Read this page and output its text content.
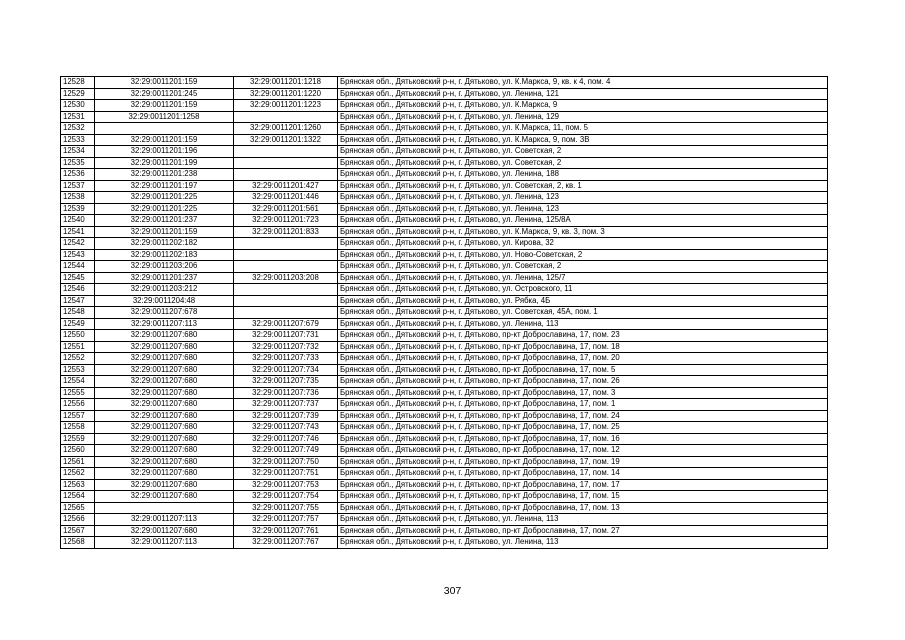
12528	32:29:0011201:159	32:29:0011201:1218	Брянская обл., Дятьковский р-н, г. Дятьково, ул. К.Маркса, 9, кв. к 4, пом. 4
12529	32:29:0011201:245	32:29:0011201:1220	Брянская обл., Дятьковский р-н, г. Дятьково, ул. Ленина, 121
12530	32:29:0011201:159	32:29:0011201:1223	Брянская обл., Дятьковский р-н, г. Дятьково, ул. К.Маркса, 9
12531	32:29:0011201:1258		Брянская обл., Дятьковский р-н, г. Дятьково, ул. Ленина, 129
12532		32:29:0011201:1260	Брянская обл., Дятьковский р-н, г. Дятьково, ул. К.Маркса, 11, пом. 5
12533	32:29:0011201:159	32:29:0011201:1322	Брянская обл., Дятьковский р-н, г. Дятьково, ул. К.Маркса, 9, пом. 3В
12534	32:29:0011201:196		Брянская обл., Дятьковский р-н, г. Дятьково, ул. Советская, 2
12535	32:29:0011201:199		Брянская обл., Дятьковский р-н, г. Дятьково, ул. Советская, 2
12536	32:29:0011201:238		Брянская обл., Дятьковский р-н, г. Дятьково, ул. Ленина, 188
12537	32:29:0011201:197	32:29:0011201:427	Брянская обл., Дятьковский р-н, г. Дятьково, ул. Советская, 2, кв. 1
12538	32:29:0011201:225	32:29:0011201:446	Брянская обл., Дятьковский р-н, г. Дятьково, ул. Ленина, 123
12539	32:29:0011201:225	32:29:0011201:561	Брянская обл., Дятьковский р-н, г. Дятьково, ул. Ленина, 123
12540	32:29:0011201:237	32:29:0011201:723	Брянская обл., Дятьковский р-н, г. Дятьково, ул. Ленина, 125/8А
12541	32:29:0011201:159	32:29:0011201:833	Брянская обл., Дятьковский р-н, г. Дятьково, ул. К.Маркса, 9, кв. 3, пом. 3
12542	32:29:0011202:182		Брянская обл., Дятьковский р-н, г. Дятьково, ул. Кирова, 32
12543	32:29:0011202:183		Брянская обл., Дятьковский р-н, г. Дятьково, ул. Ново-Советская, 2
12544	32:29:0011203:206		Брянская обл., Дятьковский р-н, г. Дятьково, ул. Советская, 2
12545	32:29:0011201:237	32:29:0011203:208	Брянская обл., Дятьковский р-н, г. Дятьково, ул. Ленина, 125/7
12546	32:29:0011203:212		Брянская обл., Дятьковский р-н, г. Дятьково, ул. Островского, 11
12547	32:29:0011204:48		Брянская обл., Дятьковский р-н, г. Дятьково, ул. Рябка, 4Б
12548	32:29:0011207:678		Брянская обл., Дятьковский р-н, г. Дятьково, ул. Советская, 45А, пом. 1
12549	32:29:0011207:113	32:29:0011207:679	Брянская обл., Дятьковский р-н, г. Дятьково, ул. Ленина, 113
12550	32:29:0011207:680	32:29:0011207:731	Брянская обл., Дятьковский р-н, г. Дятьково, пр-кт Доброславина, 17, пом. 23
12551	32:29:0011207:680	32:29:0011207:732	Брянская обл., Дятьковский р-н, г. Дятьково, пр-кт Доброславина, 17, пом. 18
12552	32:29:0011207:680	32:29:0011207:733	Брянская обл., Дятьковский р-н, г. Дятьково, пр-кт Доброславина, 17, пом. 20
12553	32:29:0011207:680	32:29:0011207:734	Брянская обл., Дятьковский р-н, г. Дятьково, пр-кт Доброславина, 17, пом. 5
12554	32:29:0011207:680	32:29:0011207:735	Брянская обл., Дятьковский р-н, г. Дятьково, пр-кт Доброславина, 17, пом. 26
12555	32:29:0011207:680	32:29:0011207:736	Брянская обл., Дятьковский р-н, г. Дятьково, пр-кт Доброславина, 17, пом. 3
12556	32:29:0011207:680	32:29:0011207:737	Брянская обл., Дятьковский р-н, г. Дятьково, пр-кт Доброславина, 17, пом. 1
12557	32:29:0011207:680	32:29:0011207:739	Брянская обл., Дятьковский р-н, г. Дятьково, пр-кт Доброславина, 17, пом. 24
12558	32:29:0011207:680	32:29:0011207:743	Брянская обл., Дятьковский р-н, г. Дятьково, пр-кт Доброславина, 17, пом. 25
12559	32:29:0011207:680	32:29:0011207:746	Брянская обл., Дятьковский р-н, г. Дятьково, пр-кт Доброславина, 17, пом. 16
12560	32:29:0011207:680	32:29:0011207:749	Брянская обл., Дятьковский р-н, г. Дятьково, пр-кт Доброславина, 17, пом. 12
12561	32:29:0011207:680	32:29:0011207:750	Брянская обл., Дятьковский р-н, г. Дятьково, пр-кт Доброславина, 17, пом. 19
12562	32:29:0011207:680	32:29:0011207:751	Брянская обл., Дятьковский р-н, г. Дятьково, пр-кт Доброславина, 17, пом. 14
12563	32:29:0011207:680	32:29:0011207:753	Брянская обл., Дятьковский р-н, г. Дятьково, пр-кт Доброславина, 17, пом. 17
12564	32:29:0011207:680	32:29:0011207:754	Брянская обл., Дятьковский р-н, г. Дятьково, пр-кт Доброславина, 17, пом. 15
12565		32:29:0011207:755	Брянская обл., Дятьковский р-н, г. Дятьково, пр-кт Доброславина, 17, пом. 13
12566	32:29:0011207:113	32:29:0011207:757	Брянская обл., Дятьковский р-н, г. Дятьково, ул. Ленина, 113
12567	32:29:0011207:680	32:29:0011207:761	Брянская обл., Дятьковский р-н, г. Дятьково, пр-кт Доброславина, 17, пом. 27
12568	32:29:0011207:113	32:29:0011207:767	Брянская обл., Дятьковский р-н, г. Дятьково, ул. Ленина, 113
307
